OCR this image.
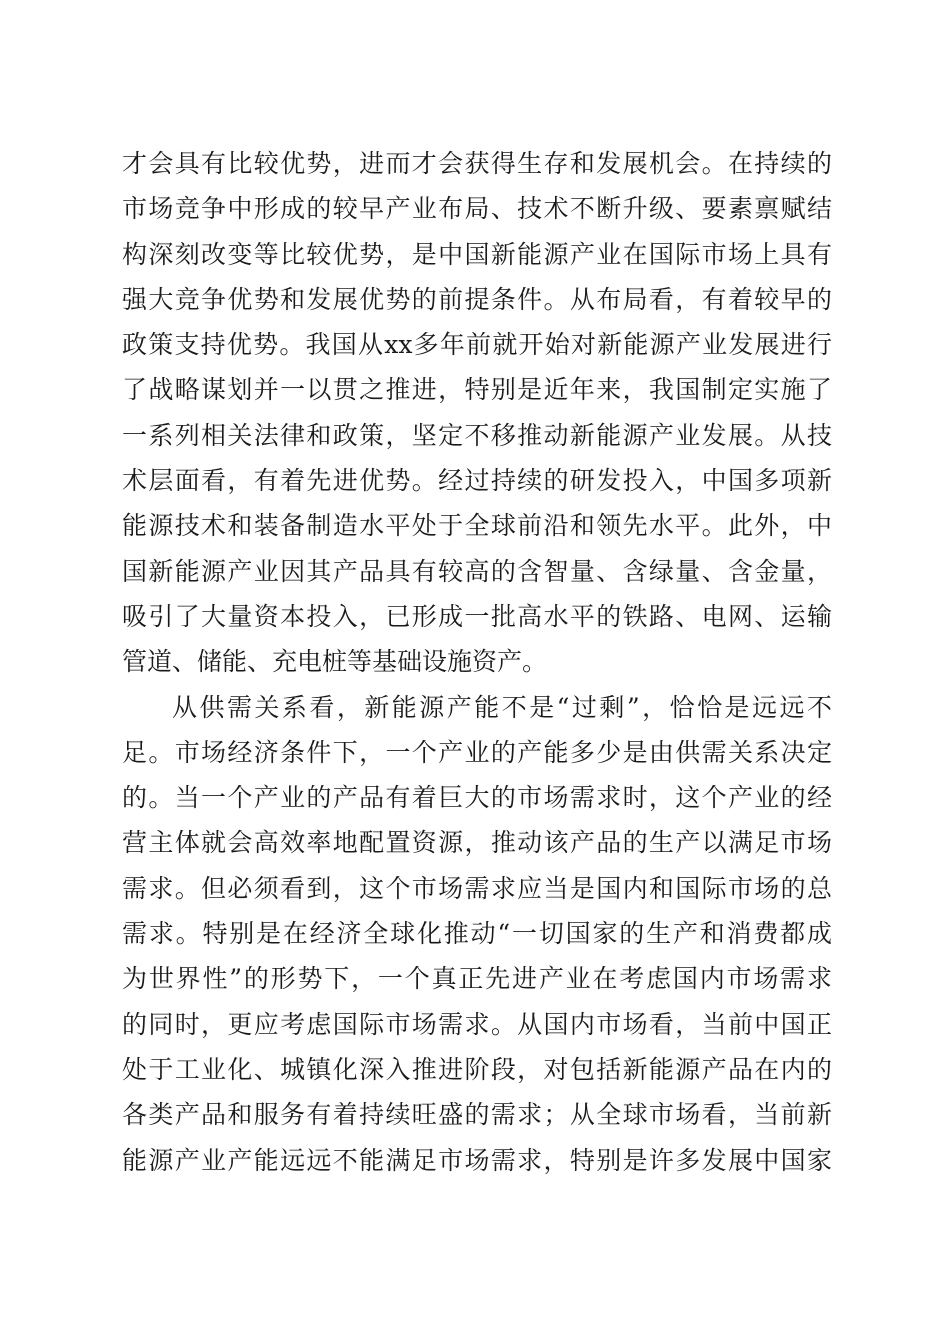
才会具有比较优势，进而才会获得生存和发展机会。在持续的
市场竞争中形成的较早产业布局、技术不断升级、要素禀赋结
构深刻改变等比较优势，是中国新能源产业在国际市场上具有
强大竞争优势和发展优势的前提条件。从布局看，有着较早的
政策支持优势。我国从xx多年前就开始对新能源产业发展进行
了战略谋划并一以贯之推进，特别是近年来，我国制定实施了
一系列相关法律和政策，坚定不移推动新能源产业发展。从技
术层面看，有着先进优势。经过持续的研发投入，中国多项新
能源技术和装备制造水平处于全球前沿和领先水平。此外，中
国新能源产业因其产品具有较高的含智量、含绿量、含金量，
吸引了大量资本投入，已形成一批高水平的铁路、电网、运输
管道、储能、充电桩等基础设施资产。
从供需关系看，新能源产能不是“过剩”，恰恰是远远不
足。市场经济条件下，一个产业的产能多少是由供需关系决定
的。当一个产业的产品有着巨大的市场需求时，这个产业的经
营主体就会高效率地配置资源，推动该产品的生产以满足市场
需求。但必须看到，这个市场需求应当是国内和国际市场的总
需求。特别是在经济全球化推动“一切国家的生产和消费都成
为世界性”的形势下，一个真正先进产业在考虑国内市场需求
的同时，更应考虑国际市场需求。从国内市场看，当前中国正
处于工业化、城镇化深入推进阶段，对包括新能源产品在内的
各类产品和服务有着持续旺盛的需求；从全球市场看，当前新
能源产业产能远远不能满足市场需求，特别是许多发展中国家
